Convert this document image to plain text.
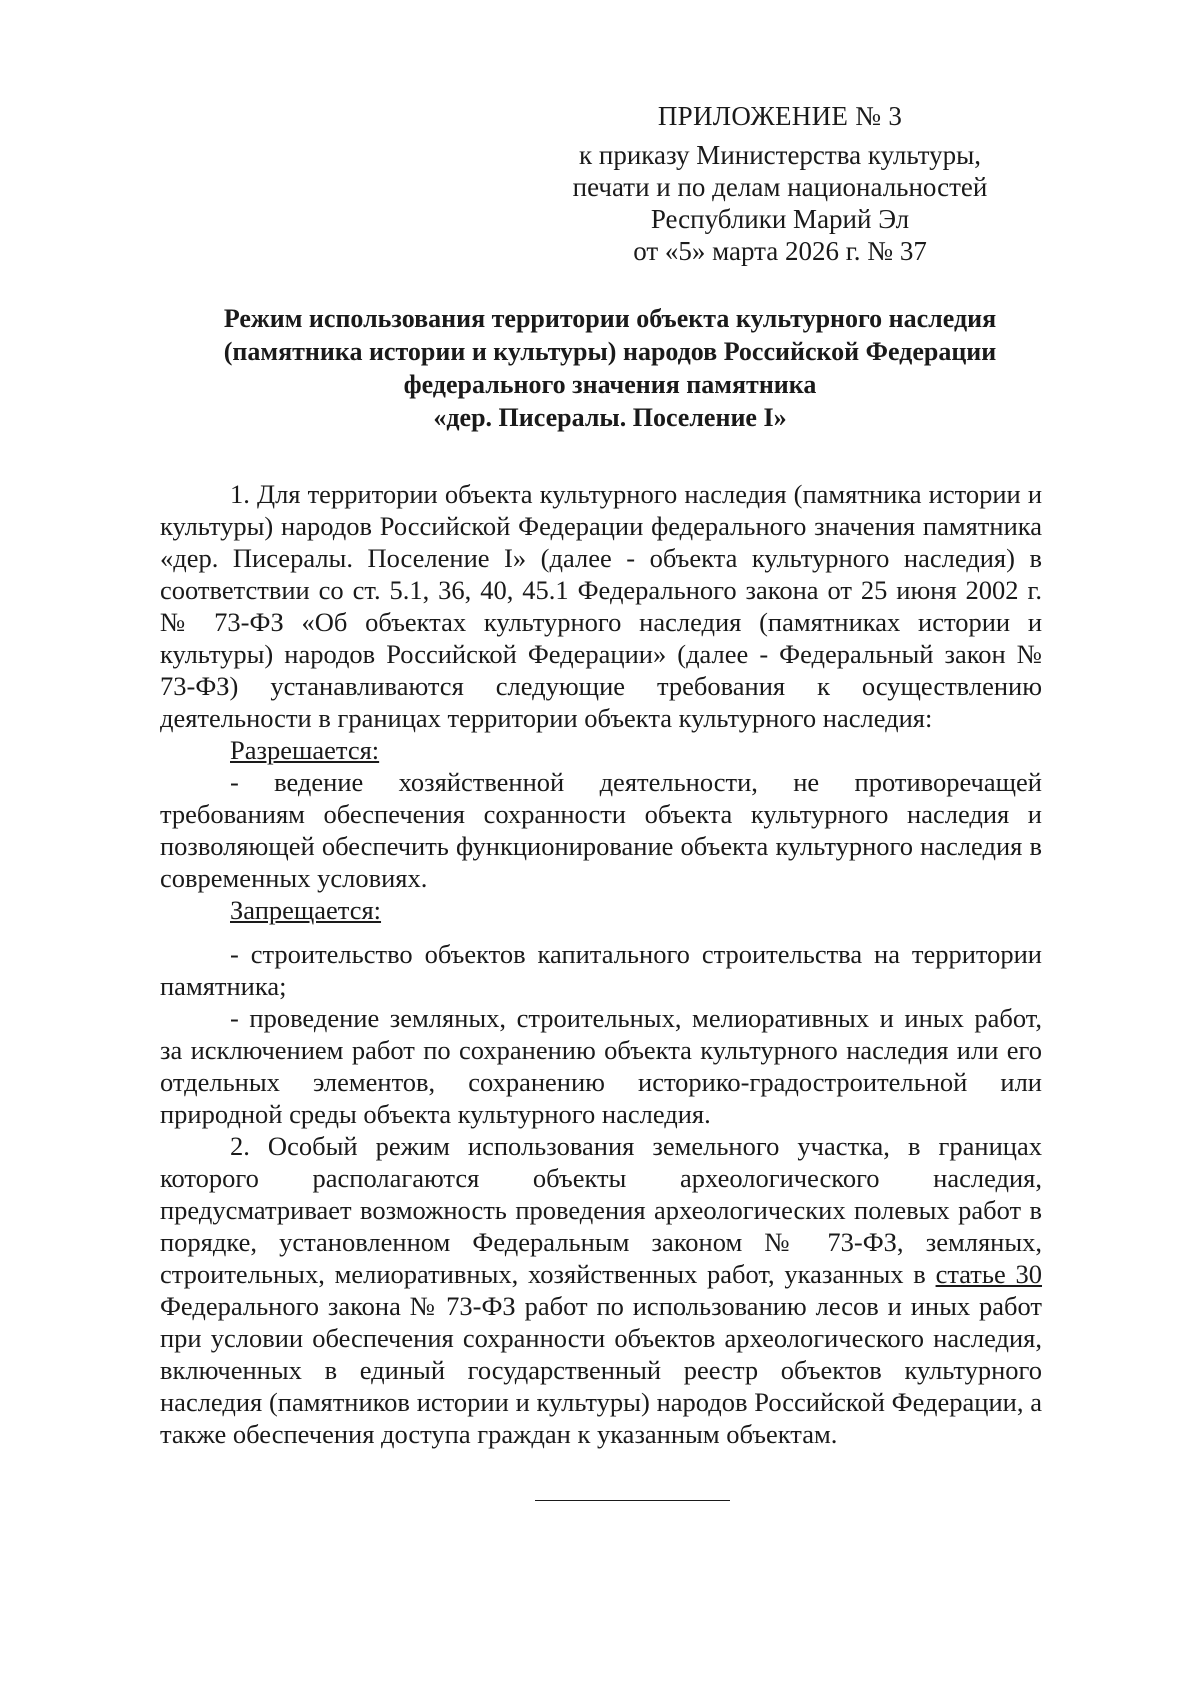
ПРИЛОЖЕНИЕ № 3
к приказу Министерства культуры,
печати и по делам национальностей
Республики Марий Эл
от «5» марта 2026 г. № 37
Режим использования территории объекта культурного наследия
(памятника истории и культуры) народов Российской Федерации
федерального значения памятника
«дер. Писералы. Поселение I»

1. Для территории объекта культурного наследия (памятника истории и культуры) народов Российской Федерации федерального значения памятника «дер. Писералы. Поселение I» (далее - объекта культурного наследия) в соответствии со ст. 5.1, 36, 40, 45.1 Федерального закона от 25 июня 2002 г. № 73-ФЗ «Об объектах культурного наследия (памятниках истории и культуры) народов Российской Федерации» (далее - Федеральный закон № 73-ФЗ) устанавливаются следующие требования к осуществлению деятельности в границах территории объекта культурного наследия:

Разрешается:

- ведение хозяйственной деятельности, не противоречащей требованиям обеспечения сохранности объекта культурного наследия и позволяющей обеспечить функционирование объекта культурного наследия в современных условиях.

Запрещается:

- строительство объектов капитального строительства на территории памятника;

- проведение земляных, строительных, мелиоративных и иных работ, за исключением работ по сохранению объекта культурного наследия или его отдельных элементов, сохранению историко-градостроительной или природной среды объекта культурного наследия.

2. Особый режим использования земельного участка, в границах которого располагаются объекты археологического наследия, предусматривает возможность проведения археологических полевых работ в порядке, установленном Федеральным законом № 73-ФЗ, земляных, строительных, мелиоративных, хозяйственных работ, указанных в статье 30 Федерального закона № 73-ФЗ работ по использованию лесов и иных работ при условии обеспечения сохранности объектов археологического наследия, включенных в единый государственный реестр объектов культурного наследия (памятников истории и культуры) народов Российской Федерации, а также обеспечения доступа граждан к указанным объектам.
